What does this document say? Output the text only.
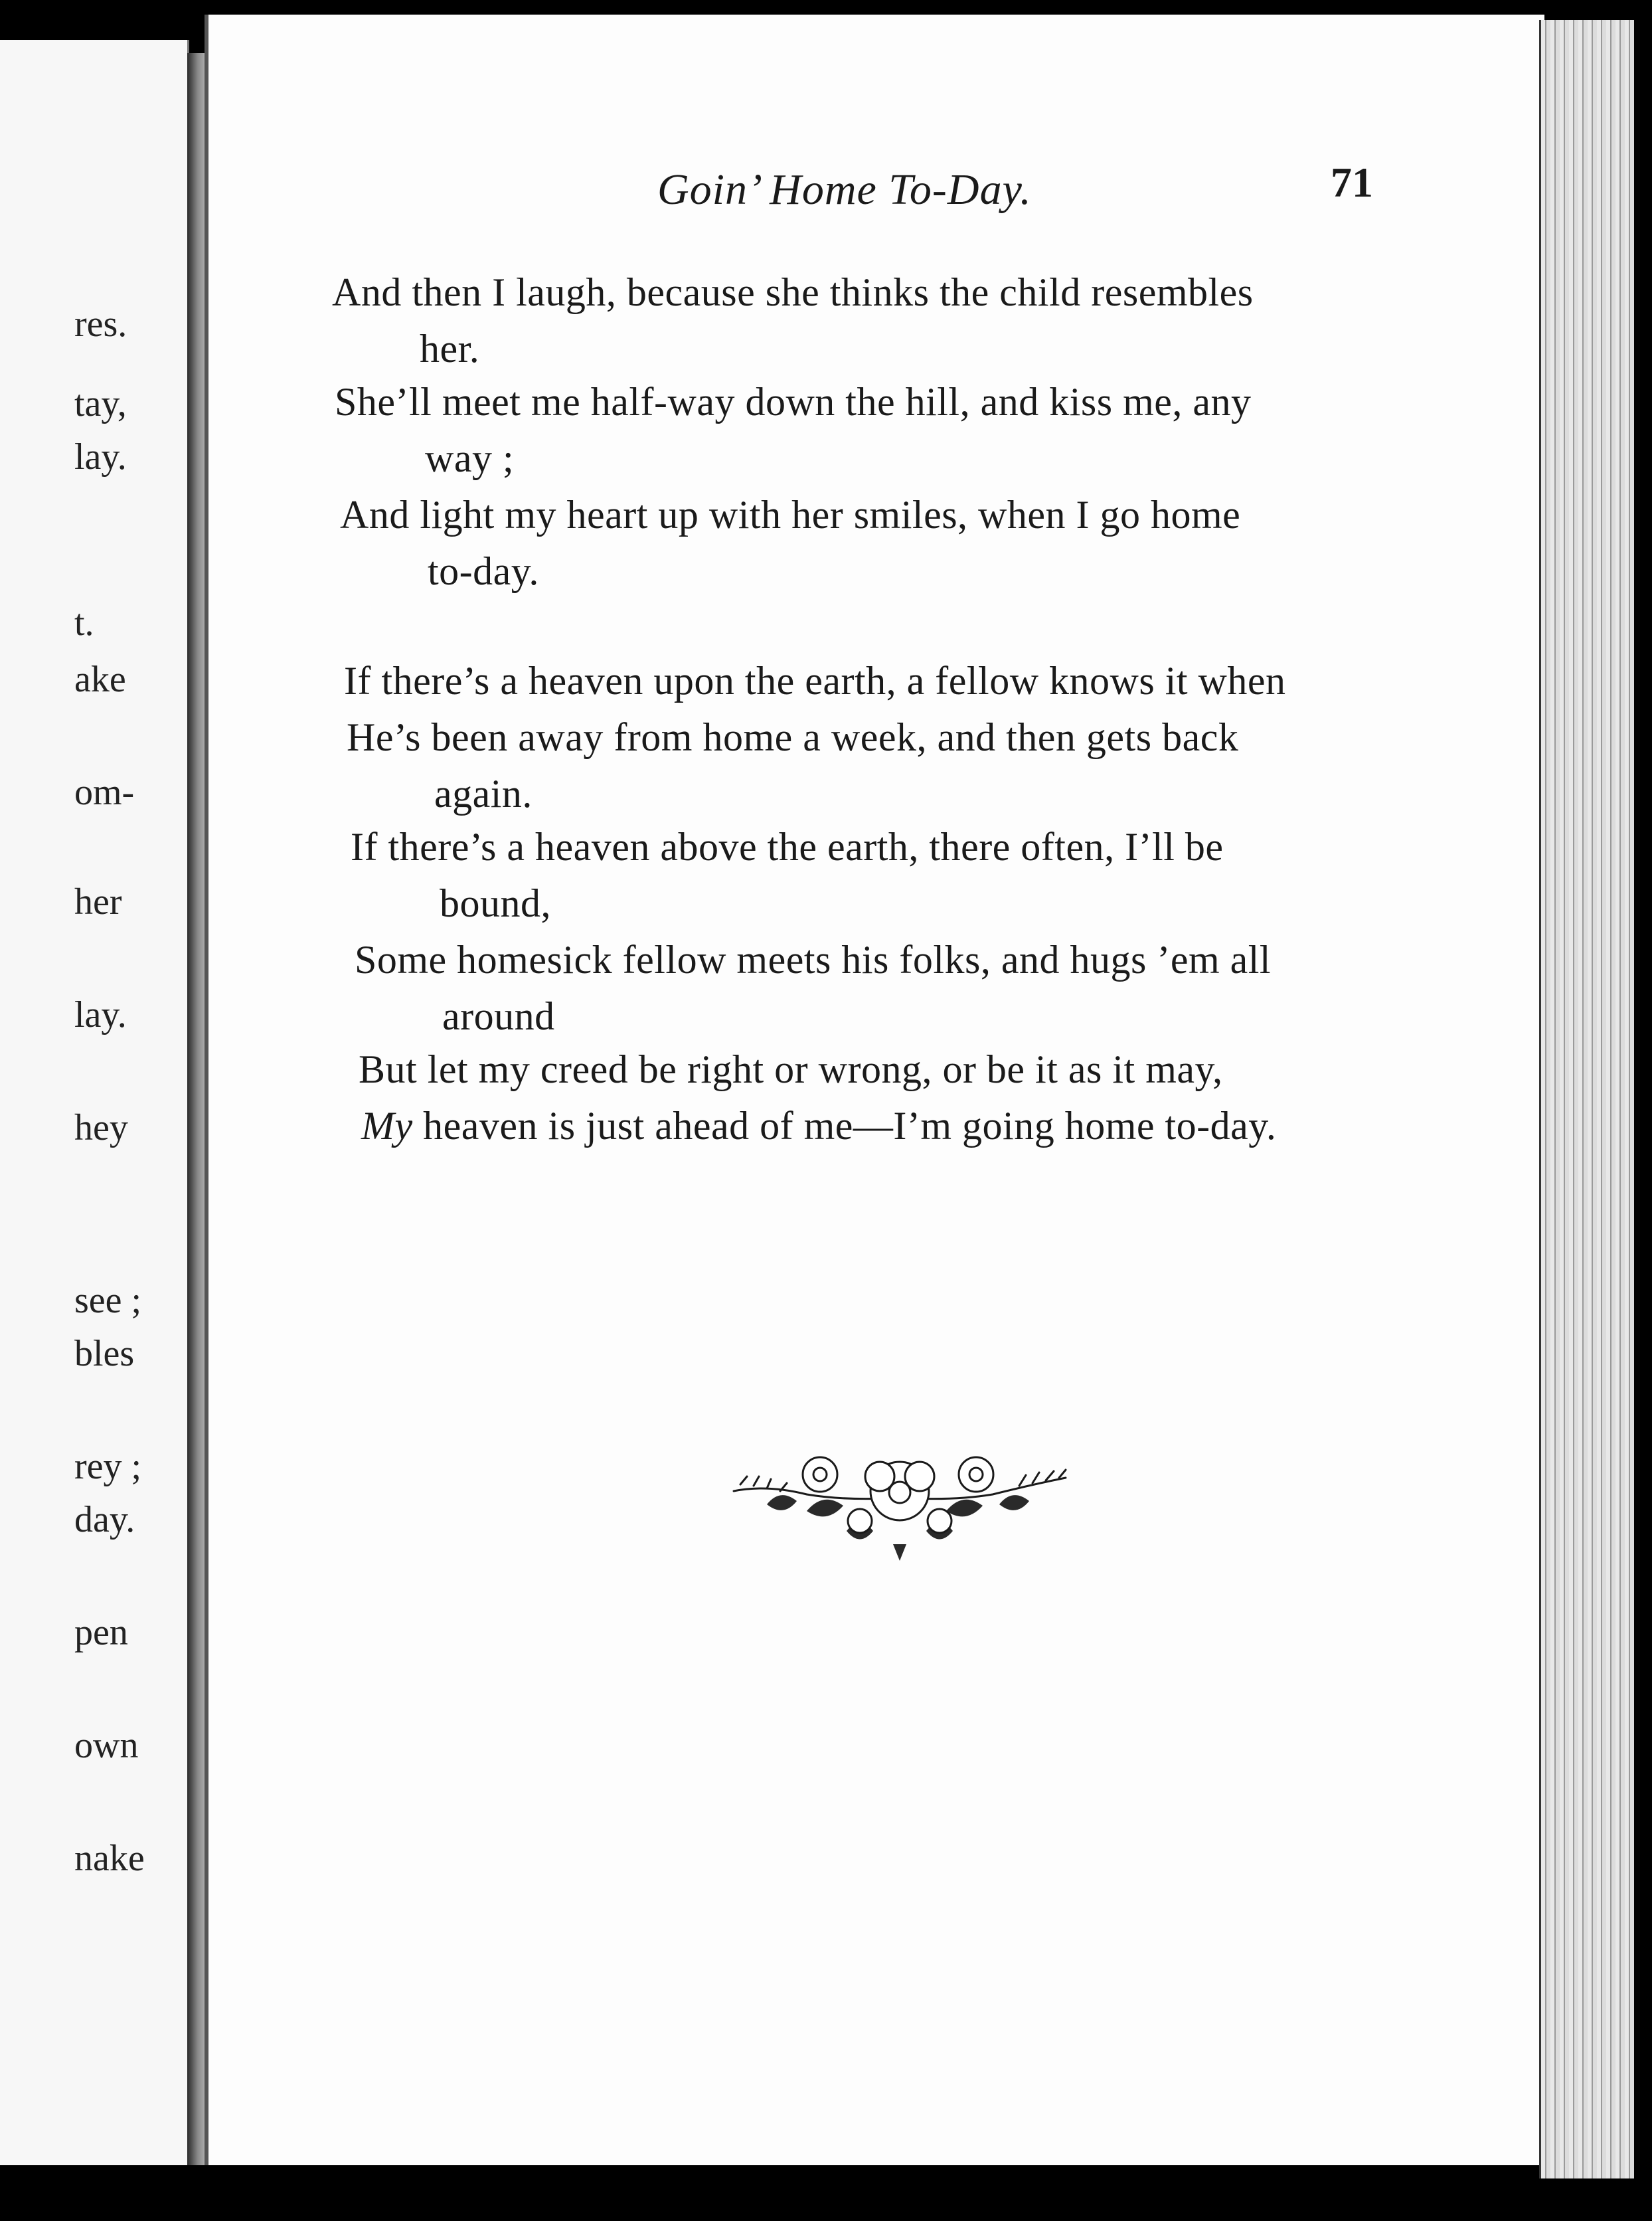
res.
tay,
lay.
t.
ake
om-
her
lay.
hey
see ;
bles
rey ;
day.
pen
own
nake
Goin’ Home To-Day.	71
And then I laugh, because she thinks the child resembles
her.
She’ll meet me half-way down the hill, and kiss me, any
way ;
And light my heart up with her smiles, when I go home
to-day.
If there’s a heaven upon the earth, a fellow knows it when
He’s been away from home a week, and then gets back
again.
If there’s a heaven above the earth, there often, I’ll be
bound,
Some homesick fellow meets his folks, and hugs ’em all
around
But let my creed be right or wrong, or be it as it may,
My heaven is just ahead of me—I’m going home to-day.
